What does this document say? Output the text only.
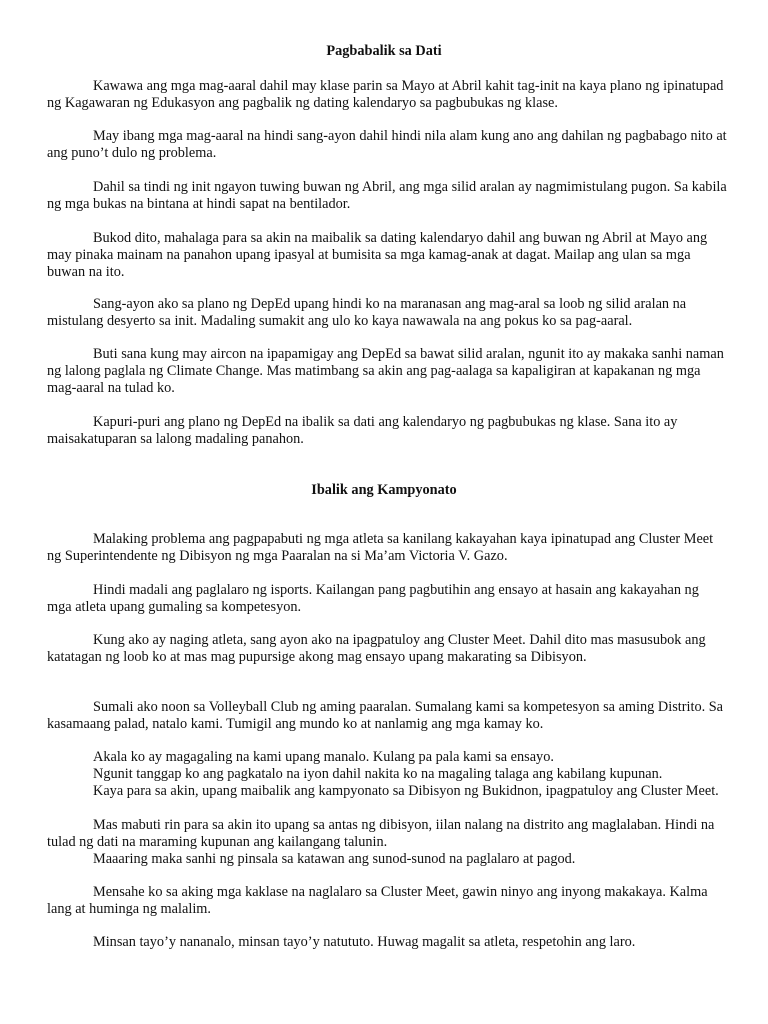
Pagbabalik sa Dati

Kawawa ang mga mag-aaral dahil may klase parin sa Mayo at Abril kahit tag-init na kaya plano ng ipinatupad ng Kagawaran ng Edukasyon ang pagbalik ng dating kalendaryo sa pagbubukas ng klase.

May ibang mga mag-aaral na hindi sang-ayon dahil hindi nila alam kung ano ang dahilan ng pagbabago nito at ang puno’t dulo ng problema.

Dahil sa tindi ng init ngayon tuwing buwan ng Abril, ang mga silid aralan ay nagmimistulang pugon. Sa kabila ng mga bukas na bintana at hindi sapat na bentilador.

Bukod dito, mahalaga para sa akin na maibalik sa dating kalendaryo dahil ang buwan ng Abril at Mayo ang may pinaka mainam na panahon upang ipasyal at bumisita sa mga kamag-anak at dagat. Mailap ang ulan sa mga buwan na ito.

Sang-ayon ako sa plano ng DepEd upang hindi ko na maranasan ang mag-aral sa loob ng silid aralan na mistulang desyerto sa init. Madaling sumakit ang ulo ko kaya nawawala na ang pokus ko sa pag-aaral.

Buti sana kung may aircon na ipapamigay ang DepEd sa bawat silid aralan, ngunit ito ay makaka sanhi naman ng lalong paglala ng Climate Change. Mas matimbang sa akin ang pag-aalaga sa kapaligiran at kapakanan ng mga mag-aaral na tulad ko.

Kapuri-puri ang plano ng DepEd na ibalik sa dati ang kalendaryo ng pagbubukas ng klase. Sana ito ay maisakatuparan sa lalong madaling panahon.

Ibalik ang Kampyonato

Malaking problema ang pagpapabuti ng mga atleta sa kanilang kakayahan kaya ipinatupad ang Cluster Meet ng Superintendente ng Dibisyon ng mga Paaralan na si Ma’am Victoria V. Gazo.

Hindi madali ang paglalaro ng isports. Kailangan pang pagbutihin ang ensayo at hasain ang kakayahan ng mga atleta upang gumaling sa kompetesyon.

Kung ako ay naging atleta, sang ayon ako na ipagpatuloy ang Cluster Meet. Dahil dito mas masusubok ang katatagan ng loob ko at mas mag pupursige akong mag ensayo upang makarating sa Dibisyon.

Sumali ako noon sa Volleyball Club ng aming paaralan. Sumalang kami sa kompetesyon sa aming Distrito. Sa kasamaang palad, natalo kami. Tumigil ang mundo ko at nanlamig ang mga kamay ko.

Akala ko ay magagaling na kami upang manalo. Kulang pa pala kami sa ensayo.

Ngunit tanggap ko ang pagkatalo na iyon dahil nakita ko na magaling talaga ang kabilang kupunan.

Kaya para sa akin, upang maibalik ang kampyonato sa Dibisyon ng Bukidnon, ipagpatuloy ang Cluster Meet.

Mas mabuti rin para sa akin ito upang sa antas ng dibisyon, iilan nalang na distrito ang maglalaban. Hindi na tulad ng dati na maraming kupunan ang kailangang talunin.

Maaaring maka sanhi ng pinsala sa katawan ang sunod-sunod na paglalaro at pagod.

Mensahe ko sa aking mga kaklase na naglalaro sa Cluster Meet, gawin ninyo ang inyong makakaya. Kalma lang at huminga ng malalim.

Minsan tayo’y nananalo, minsan tayo’y natututo. Huwag magalit sa atleta, respetohin ang laro.
